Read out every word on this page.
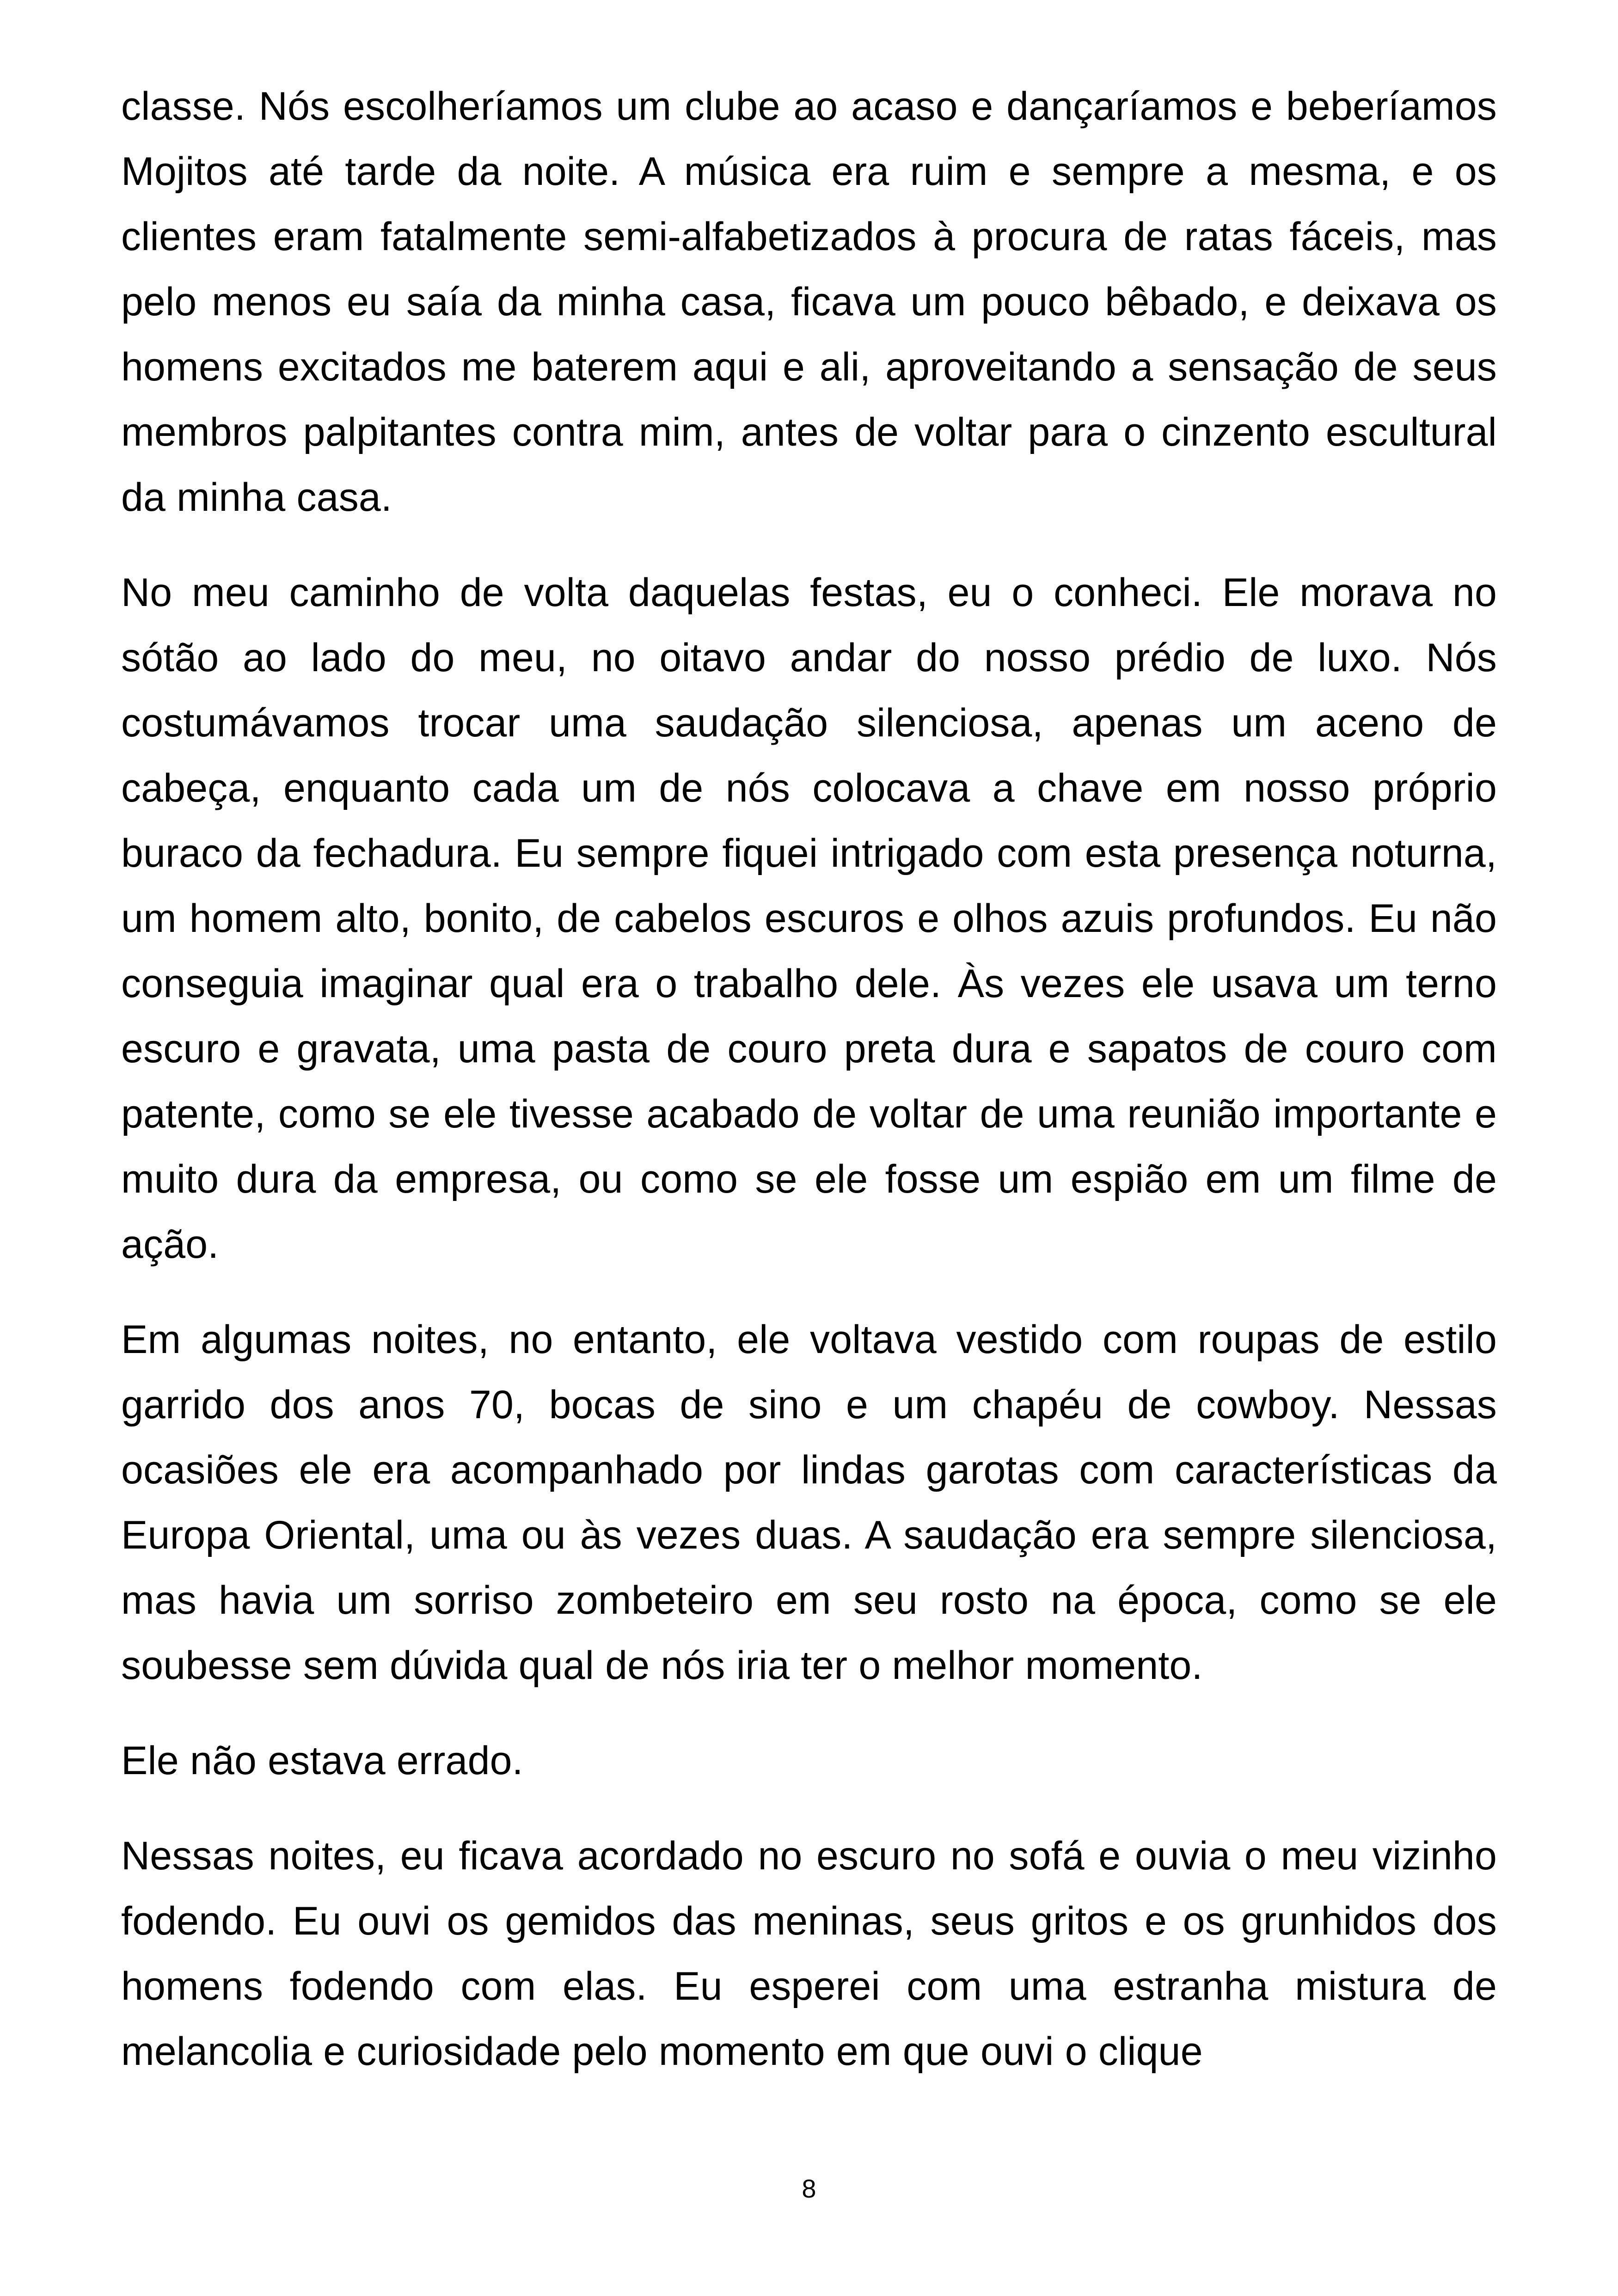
classe. Nós escolheríamos um clube ao acaso e dançaríamos e beberíamos Mojitos até tarde da noite. A música era ruim e sempre a mesma, e os clientes eram fatalmente semi-alfabetizados à procura de ratas fáceis, mas pelo menos eu saía da minha casa, ficava um pouco bêbado, e deixava os homens excitados me baterem aqui e ali, aproveitando a sensação de seus membros palpitantes contra mim, antes de voltar para o cinzento escultural da minha casa.

No meu caminho de volta daquelas festas, eu o conheci. Ele morava no sótão ao lado do meu, no oitavo andar do nosso prédio de luxo. Nós costumávamos trocar uma saudação silenciosa, apenas um aceno de cabeça, enquanto cada um de nós colocava a chave em nosso próprio buraco da fechadura. Eu sempre fiquei intrigado com esta presença noturna, um homem alto, bonito, de cabelos escuros e olhos azuis profundos. Eu não conseguia imaginar qual era o trabalho dele. Às vezes ele usava um terno escuro e gravata, uma pasta de couro preta dura e sapatos de couro com patente, como se ele tivesse acabado de voltar de uma reunião importante e muito dura da empresa, ou como se ele fosse um espião em um filme de ação.

Em algumas noites, no entanto, ele voltava vestido com roupas de estilo garrido dos anos 70, bocas de sino e um chapéu de cowboy. Nessas ocasiões ele era acompanhado por lindas garotas com características da Europa Oriental, uma ou às vezes duas. A saudação era sempre silenciosa, mas havia um sorriso zombeteiro em seu rosto na época, como se ele soubesse sem dúvida qual de nós iria ter o melhor momento.

Ele não estava errado.

Nessas noites, eu ficava acordado no escuro no sofá e ouvia o meu vizinho fodendo. Eu ouvi os gemidos das meninas, seus gritos e os grunhidos dos homens fodendo com elas. Eu esperei com uma estranha mistura de melancolia e curiosidade pelo momento em que ouvi o clique

8
